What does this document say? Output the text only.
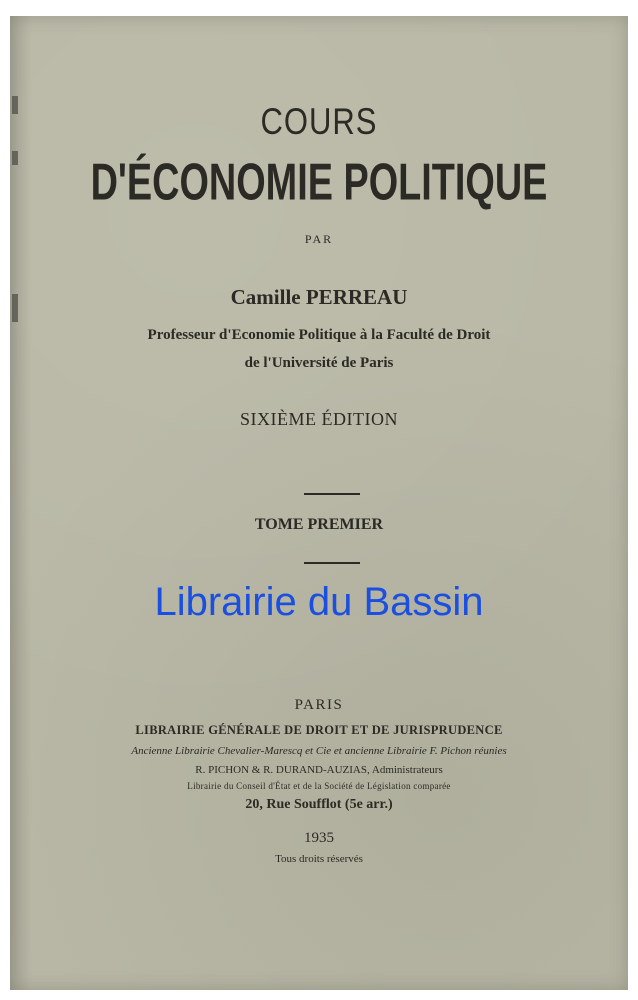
COURS
D'ÉCONOMIE POLITIQUE
PAR
Camille PERREAU
Professeur d'Economie Politique à la Faculté de Droit
de l'Université de Paris
SIXIÈME ÉDITION
TOME PREMIER
Librairie du Bassin
PARIS
LIBRAIRIE GÉNÉRALE DE DROIT ET DE JURISPRUDENCE
Ancienne Librairie Chevalier-Marescq et Cie et ancienne Librairie F. Pichon réunies
R. PICHON & R. DURAND-AUZIAS, Administrateurs
Librairie du Conseil d'État et de la Société de Législation comparée
20, Rue Soufflot (5e arr.)
1935
Tous droits réservés
